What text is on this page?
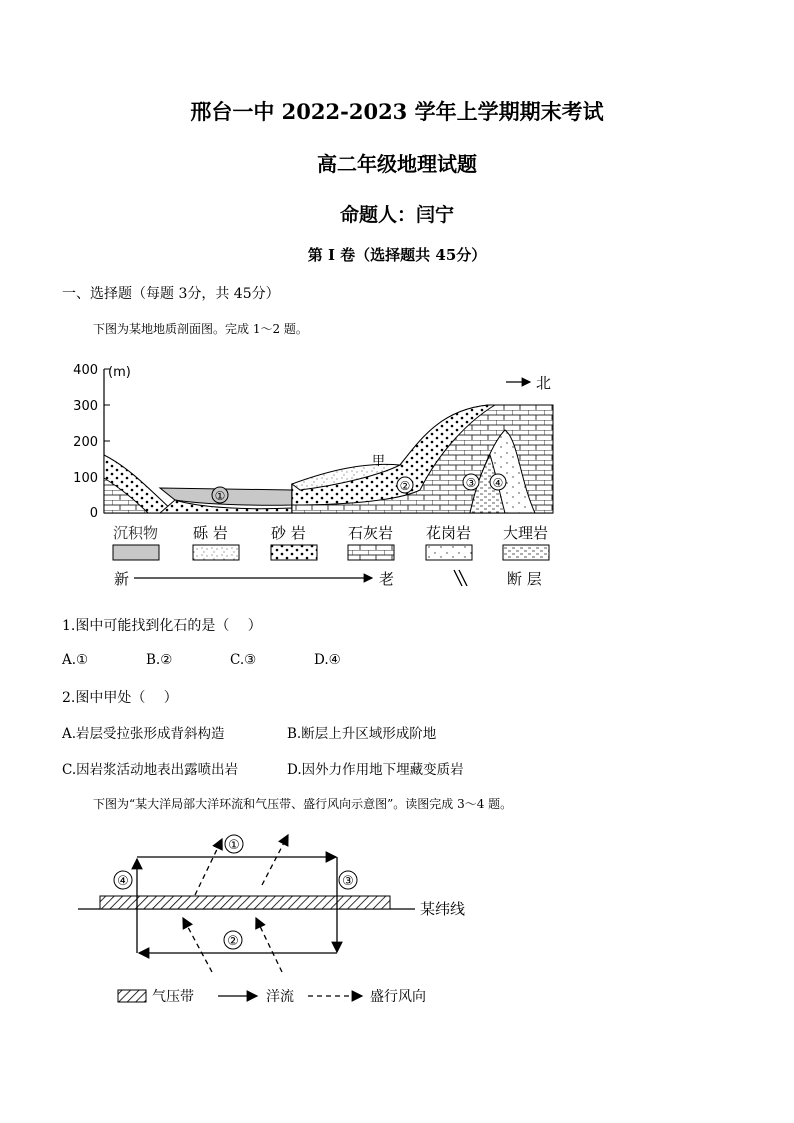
邢台一中 2022-2023 学年上学期期末考试
高二年级地理试题
命题人：闫宁
第 I 卷（选择题共 45分）
一、选择题（每题 3分，共 45分）
下图为某地地质剖面图。完成 1～2 题。
400
300
200
100
0
(m)
北
①
甲
②	③ ④
沉积物 砾 岩	砂 岩	石灰岩 花岗岩 大理岩
新	老	断 层
1.图中可能找到化石的是（　 ）
A.①	B.②	C.③	D.④
2.图中甲处（　 ）
A.岩层受拉张形成背斜构造	B.断层上升区域形成阶地
C.因岩浆活动地表出露喷出岩	D.因外力作用地下埋藏变质岩
下图为“某大洋局部大洋环流和气压带、盛行风向示意图”。读图完成 3～4 题。
某纬线
①
②
③
④
气压带	洋流	盛行风向
